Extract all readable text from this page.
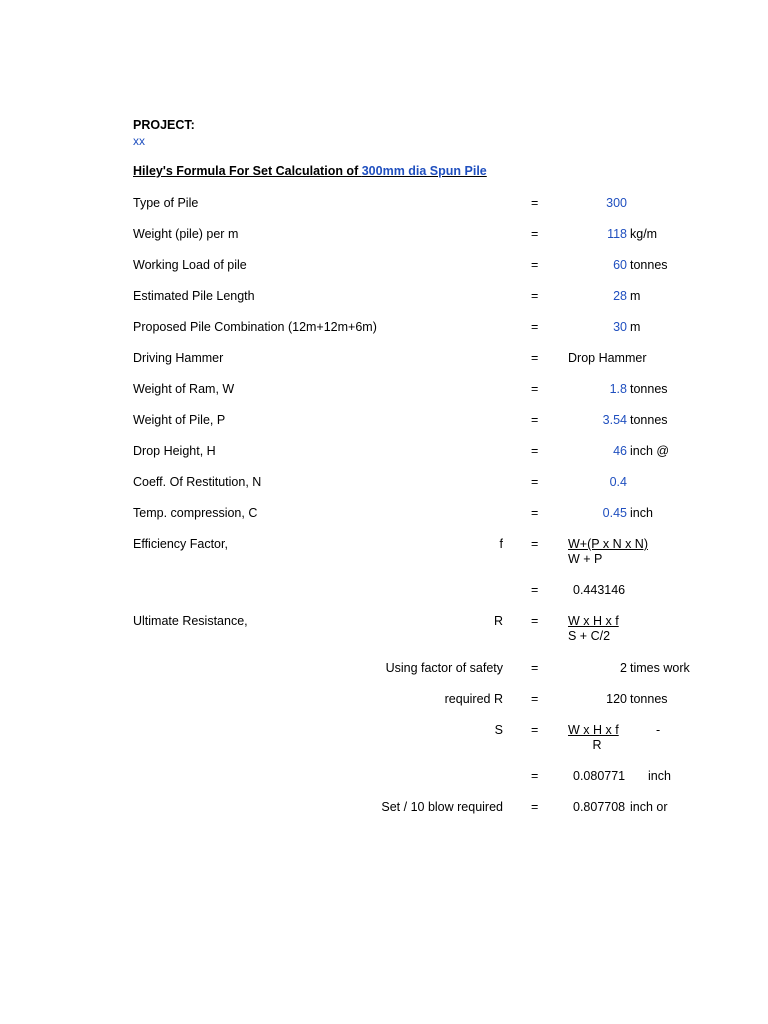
PROJECT:
xx
Hiley's Formula For Set Calculation of 300mm dia Spun Pile
Type of Pile	=	300
Weight (pile) per m	=	118 kg/m
Working Load of pile	=	60 tonnes
Estimated Pile Length	=	28 m
Proposed Pile Combination (12m+12m+6m)	=	30 m
Driving Hammer	= Drop Hammer
Weight of Ram, W	=	1.8 tonnes
Weight of Pile, P	=	3.54 tonnes
Drop Height, H	=	46 inch @
Coeff. Of Restitution, N	=	0.4
Temp. compression, C	=	0.45 inch
Efficiency Factor,	f = W+(P x N x N)
W + P
=	0.443146
Ultimate Resistance,	R = W x H x f
S + C/2
Using factor of safety =	2 times work
required R =	120 tonnes
S = W x H x f	-
R
=	0.080771 inch
Set / 10 blow required =	0.807708 inch or
